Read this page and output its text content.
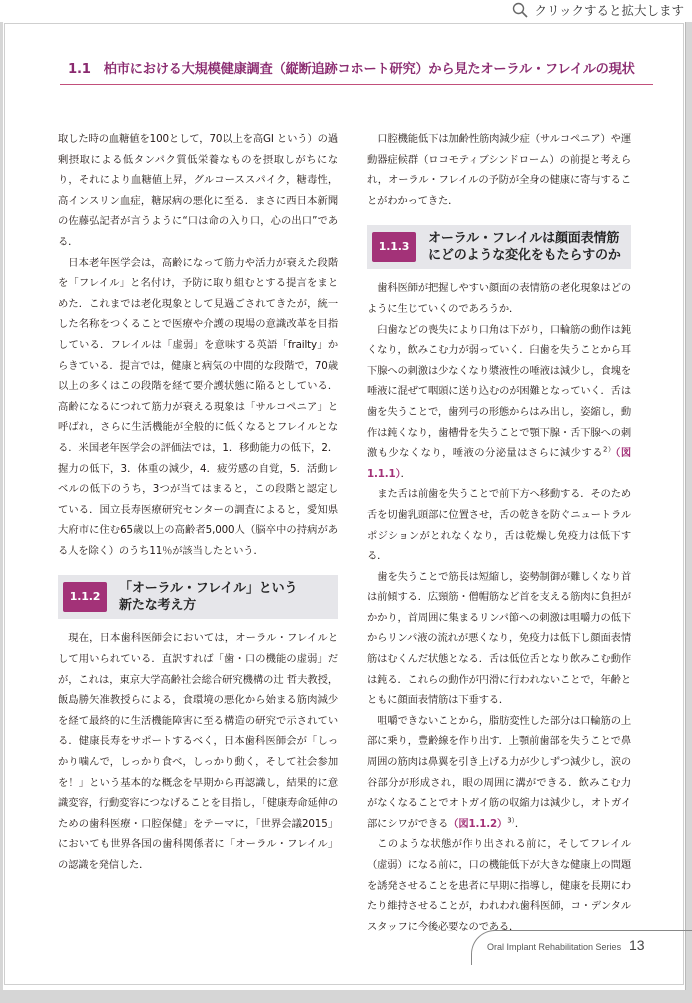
クリックすると拡大します
1.1　柏市における大規模健康調査（縦断追跡コホート研究）から見たオーラル・フレイルの現状

取した時の血糖値を100として，70以上を高GI という）の過剰摂取による低タンパク質低栄養なものを摂取しがちになり，それにより血糖値上昇，グルコーススパイク，糖毒性，高インスリン血症，糖尿病の悪化に至る．まさに西日本新聞の佐藤弘記者が言うように“口は命の入り口，心の出口”である．

日本老年医学会は，高齢になって筋力や活力が衰えた段階を「フレイル」と名付け，予防に取り組むとする提言をまとめた．これまでは老化現象として見過ごされてきたが，統一した名称をつくることで医療や介護の現場の意識改革を目指している．フレイルは「虚弱」を意味する英語「frailty」からきている．提言では，健康と病気の中間的な段階で，70歳以上の多くはこの段階を経て要介護状態に陥るとしている．高齢になるにつれて筋力が衰える現象は「サルコペニア」と呼ばれ，さらに生活機能が全般的に低くなるとフレイルとなる．米国老年医学会の評価法では，1．移動能力の低下，2．握力の低下，3．体重の減少，4．疲労感の自覚，5．活動レベルの低下のうち，3つが当てはまると，この段階と認定している．国立長寿医療研究センターの調査によると，愛知県大府市に住む65歳以上の高齢者5,000人（脳卒中の持病がある人を除く）のうち11％が該当したという．

1.1.2
「オーラル・フレイル」という
新たな考え方

現在，日本歯科医師会においては，オーラル・フレイルとして用いられている．直訳すれば「歯・口の機能の虚弱」だが，これは，東京大学高齢社会総合研究機構の辻 哲夫教授，飯島勝矢准教授らによる，食環境の悪化から始まる筋肉減少を経て最終的に生活機能障害に至る構造の研究で示されている．健康長寿をサポートするべく，日本歯科医師会が「しっかり噛んで，しっかり食べ，しっかり動く，そして社会参加を！」という基本的な概念を早期から再認識し，結果的に意識変容，行動変容につなげることを目指し，「健康寿命延伸のための歯科医療・口腔保健」をテーマに，「世界会議2015」においても世界各国の歯科関係者に「オーラル・フレイル」の認識を発信した．

口腔機能低下は加齢性筋肉減少症（サルコペニア）や運動器症候群（ロコモティブシンドローム）の前提と考えられ，オーラル・フレイルの予防が全身の健康に寄与することがわかってきた．

1.1.3
オーラル・フレイルは顔面表情筋
にどのような変化をもたらすのか

歯科医師が把握しやすい顔面の表情筋の老化現象はどのように生じていくのであろうか．

臼歯などの喪失により口角は下がり，口輪筋の動作は鈍くなり，飲みこむ力が弱っていく．臼歯を失うことから耳下腺への刺激は少なくなり漿液性の唾液は減少し，食塊を唾液に混ぜて咽頭に送り込むのが困難となっていく．舌は歯を失うことで，歯列弓の形態からはみ出し，姿縮し，動作は鈍くなり，歯槽骨を失うことで顎下腺・舌下腺への刺激も少なくなり，唾液の分泌量はさらに減少する$^{2)}$（図1.1.1）．

また舌は前歯を失うことで前下方へ移動する．そのため舌を切歯乳頭部に位置させ，舌の乾きを防ぐニュートラルポジションがとれなくなり，舌は乾燥し免疫力は低下する．

歯を失うことで筋長は短縮し，姿勢制御が難しくなり首は前傾する．広頸筋・僧帽筋など首を支える筋肉に負担がかかり，首周囲に集まるリンパ節への刺激は咀嚼力の低下からリンパ液の流れが悪くなり，免疫力は低下し顔面表情筋はむくんだ状態となる．舌は低位舌となり飲みこむ動作は鈍る．これらの動作が円滑に行われないことで，年齢とともに顔面表情筋は下垂する．

咀嚼できないことから，脂肪変性した部分は口輪筋の上部に乗り，豊齢線を作り出す．上顎前歯部を失うことで鼻周囲の筋肉は鼻翼を引き上げる力が少しずつ減少し，涙の谷部分が形成され，眼の周囲に溝ができる．飲みこむ力がなくなることでオトガイ筋の収縮力は減少し，オトガイ部にシワができる（図1.1.2）$^{3)}$．

このような状態が作り出される前に，そしてフレイル（虚弱）になる前に，口の機能低下が大きな健康上の問題を誘発させることを患者に早期に指導し，健康を長期にわたり維持させることが，われわれ歯科医師，コ・デンタルスタッフに今後必要なのである．

Oral Implant Rehabilitation Series 13
